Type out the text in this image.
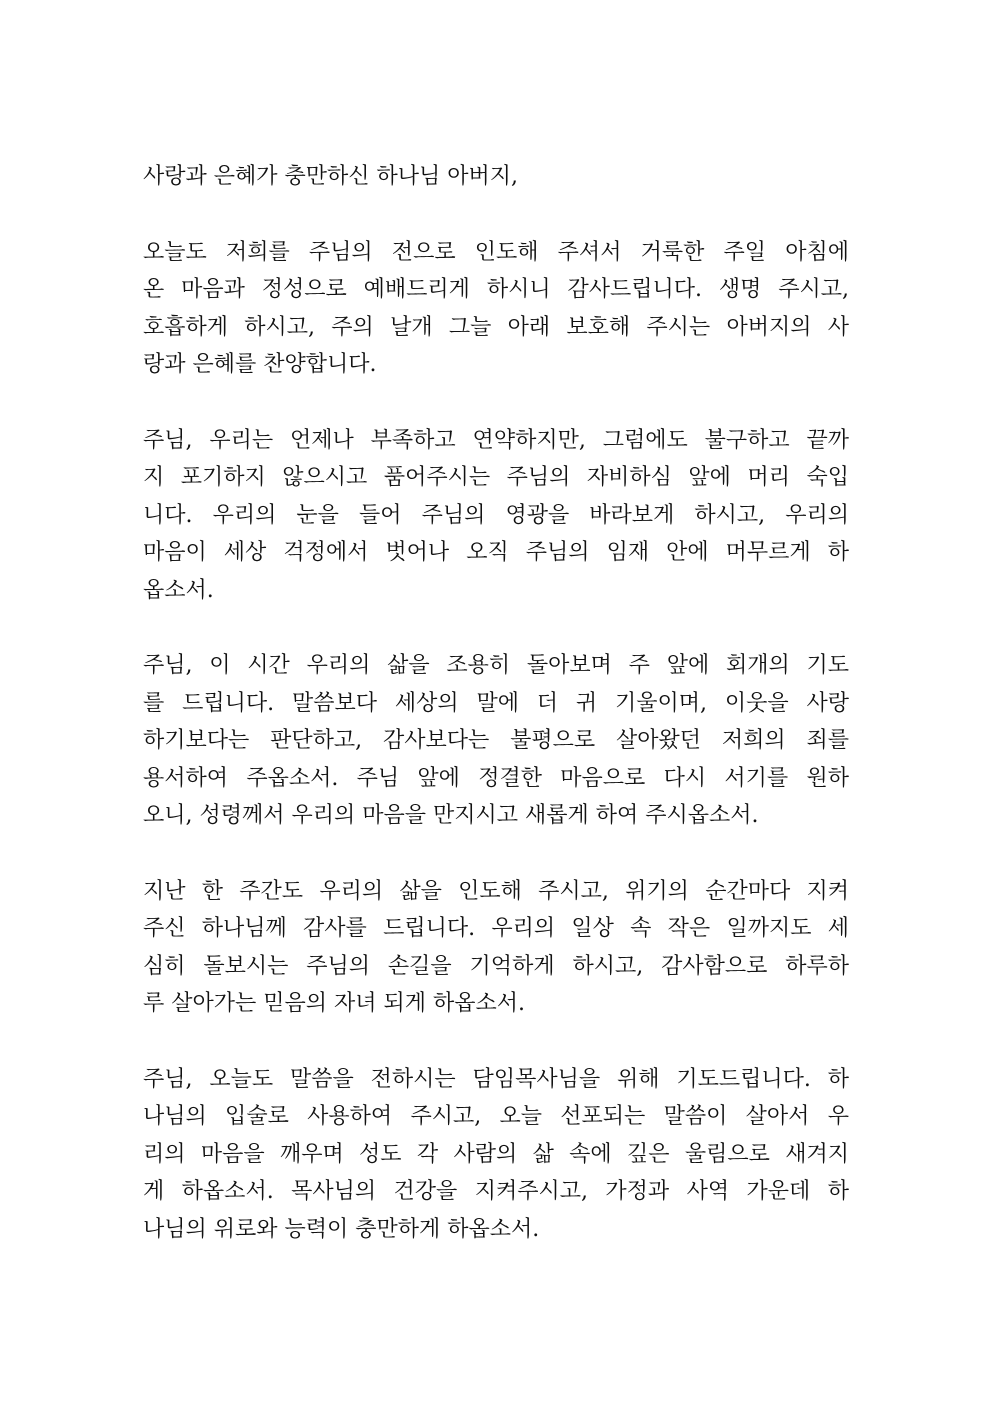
사랑과 은혜가 충만하신 하나님 아버지,
오늘도 저희를 주님의 전으로 인도해 주셔서 거룩한 주일 아침에
온 마음과 정성으로 예배드리게 하시니 감사드립니다. 생명 주시고,
호흡하게 하시고, 주의 날개 그늘 아래 보호해 주시는 아버지의 사
랑과 은혜를 찬양합니다.
주님, 우리는 언제나 부족하고 연약하지만, 그럼에도 불구하고 끝까
지 포기하지 않으시고 품어주시는 주님의 자비하심 앞에 머리 숙입
니다. 우리의 눈을 들어 주님의 영광을 바라보게 하시고, 우리의
마음이 세상 걱정에서 벗어나 오직 주님의 임재 안에 머무르게 하
옵소서.
주님, 이 시간 우리의 삶을 조용히 돌아보며 주 앞에 회개의 기도
를 드립니다. 말씀보다 세상의 말에 더 귀 기울이며, 이웃을 사랑
하기보다는 판단하고, 감사보다는 불평으로 살아왔던 저희의 죄를
용서하여 주옵소서. 주님 앞에 정결한 마음으로 다시 서기를 원하
오니, 성령께서 우리의 마음을 만지시고 새롭게 하여 주시옵소서.
지난 한 주간도 우리의 삶을 인도해 주시고, 위기의 순간마다 지켜
주신 하나님께 감사를 드립니다. 우리의 일상 속 작은 일까지도 세
심히 돌보시는 주님의 손길을 기억하게 하시고, 감사함으로 하루하
루 살아가는 믿음의 자녀 되게 하옵소서.
주님, 오늘도 말씀을 전하시는 담임목사님을 위해 기도드립니다. 하
나님의 입술로 사용하여 주시고, 오늘 선포되는 말씀이 살아서 우
리의 마음을 깨우며 성도 각 사람의 삶 속에 깊은 울림으로 새겨지
게 하옵소서. 목사님의 건강을 지켜주시고, 가정과 사역 가운데 하
나님의 위로와 능력이 충만하게 하옵소서.
